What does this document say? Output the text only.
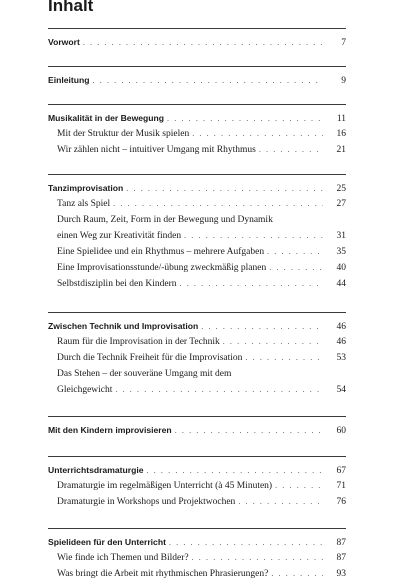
Inhalt
Vorwort . . .	7
Einleitung . . .	9
Musikalität in der Bewegung . . .	11
Mit der Struktur der Musik spielen . . .	16
Wir zählen nicht – intuitiver Umgang mit Rhythmus . . .	21
Tanzimprovisation . . .	25
Tanz als Spiel . . .	27
Durch Raum, Zeit, Form in der Bewegung und Dynamik
einen Weg zur Kreativität finden . . .	31
Eine Spielidee und ein Rhythmus – mehrere Aufgaben . . .	35
Eine Improvisationsstunde/-übung zweckmäßig planen . . .	40
Selbstdisziplin bei den Kindern . . .	44
Zwischen Technik und Improvisation . . .	46
Raum für die Improvisation in der Technik . . .	46
Durch die Technik Freiheit für die Improvisation . . .	53
Das Stehen – der souveräne Umgang mit dem
Gleichgewicht . . .	54
Mit den Kindern improvisieren . . .	60
Unterrichtsdramaturgie . . .	67
Dramaturgie im regelmäßigen Unterricht (à 45 Minuten) . . .	71
Dramaturgie in Workshops und Projektwochen . . .	76
Spielideen für den Unterricht . . .	87
Wie finde ich Themen und Bilder? . . .	87
Was bringt die Arbeit mit rhythmischen Phrasierungen? . . .	93
